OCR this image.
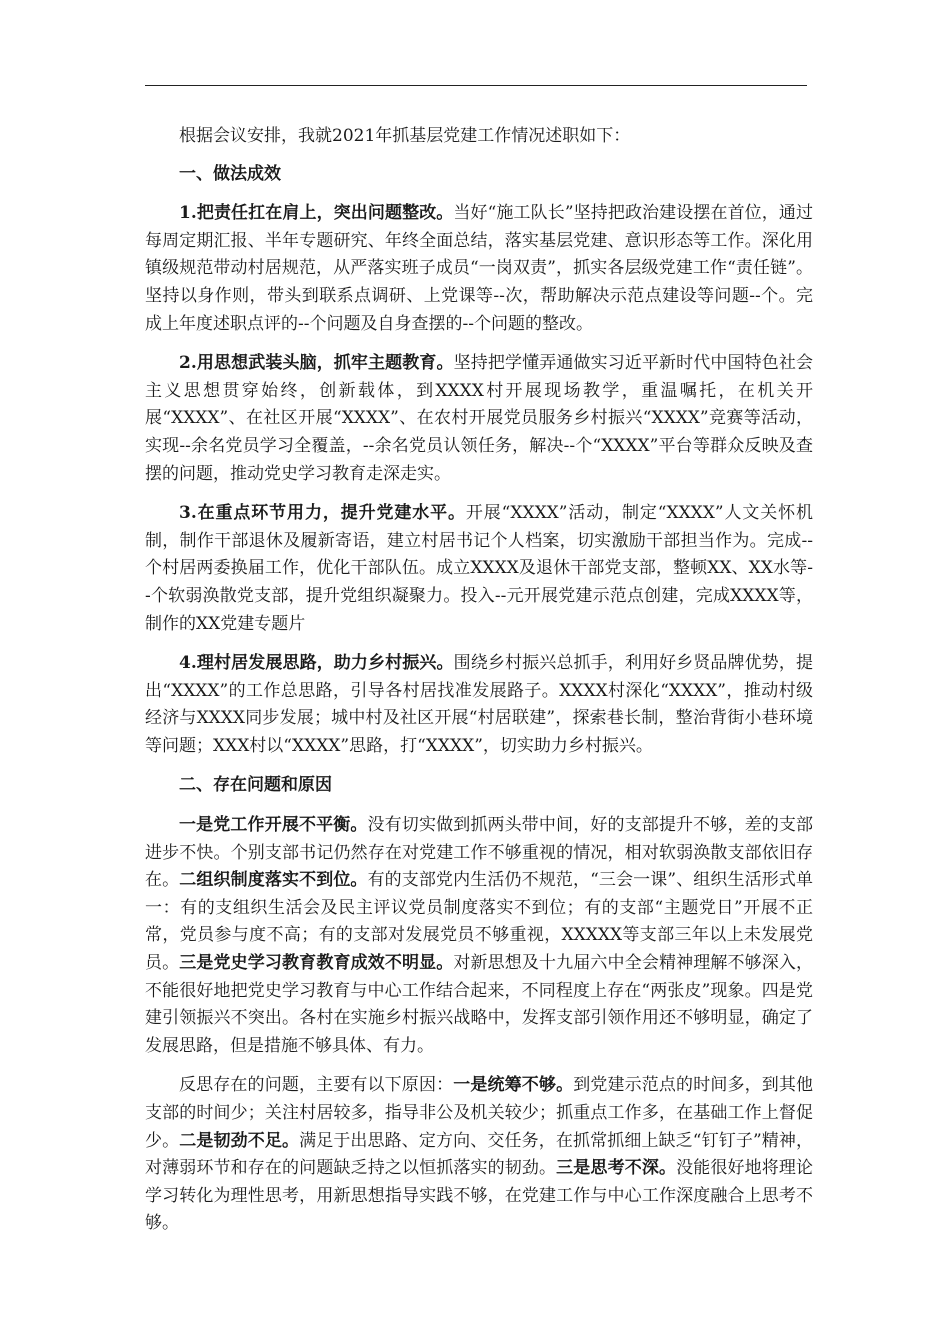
根据会议安排，我就2021年抓基层党建工作情况述职如下：

一、做法成效

1.把责任扛在肩上，突出问题整改。当好“施工队长”坚持把政治建设摆在首位，通过每周定期汇报、半年专题研究、年终全面总结，落实基层党建、意识形态等工作。深化用镇级规范带动村居规范，从严落实班子成员“一岗双责”，抓实各层级党建工作“责任链”。坚持以身作则，带头到联系点调研、上党课等--次，帮助解决示范点建设等问题--个。完成上年度述职点评的--个问题及自身查摆的--个问题的整改。

2.用思想武装头脑，抓牢主题教育。坚持把学懂弄通做实习近平新时代中国特色社会主义思想贯穿始终，创新载体，到XXXX村开展现场教学，重温嘱托，在机关开展“XXXX”、在社区开展“XXXX”、在农村开展党员服务乡村振兴“XXXX”竞赛等活动，实现--余名党员学习全覆盖，--余名党员认领任务，解决--个“XXXX”平台等群众反映及查摆的问题，推动党史学习教育走深走实。

3.在重点环节用力，提升党建水平。开展“XXXX”活动，制定“XXXX”人文关怀机制，制作干部退休及履新寄语，建立村居书记个人档案，切实激励干部担当作为。完成--个村居两委换届工作，优化干部队伍。成立XXXX及退休干部党支部，整顿XX、XX水等--个软弱涣散党支部，提升党组织凝聚力。投入--元开展党建示范点创建，完成XXXX等，制作的XX党建专题片

4.理村居发展思路，助力乡村振兴。围绕乡村振兴总抓手，利用好乡贤品牌优势，提出“XXXX”的工作总思路，引导各村居找准发展路子。XXXX村深化“XXXX”，推动村级经济与XXXX同步发展；城中村及社区开展“村居联建”，探索巷长制，整治背街小巷环境等问题；XXX村以“XXXX”思路，打“XXXX”，切实助力乡村振兴。

二、存在问题和原因

一是党工作开展不平衡。没有切实做到抓两头带中间，好的支部提升不够，差的支部进步不快。个别支部书记仍然存在对党建工作不够重视的情况，相对软弱涣散支部依旧存在。二组织制度落实不到位。有的支部党内生活仍不规范，“三会一课”、组织生活形式单一：有的支组织生活会及民主评议党员制度落实不到位；有的支部“主题党日”开展不正常，党员参与度不高；有的支部对发展党员不够重视，XXXXX等支部三年以上未发展党员。三是党史学习教育教育成效不明显。对新思想及十九届六中全会精神理解不够深入，不能很好地把党史学习教育与中心工作结合起来，不同程度上存在“两张皮”现象。四是党建引领振兴不突出。各村在实施乡村振兴战略中，发挥支部引领作用还不够明显，确定了发展思路，但是措施不够具体、有力。

反思存在的问题，主要有以下原因：一是统筹不够。到党建示范点的时间多，到其他支部的时间少；关注村居较多，指导非公及机关较少；抓重点工作多，在基础工作上督促少。二是韧劲不足。满足于出思路、定方向、交任务，在抓常抓细上缺乏“钉钉子”精神，对薄弱环节和存在的问题缺乏持之以恒抓落实的韧劲。三是思考不深。没能很好地将理论学习转化为理性思考，用新思想指导实践不够，在党建工作与中心工作深度融合上思考不够。
